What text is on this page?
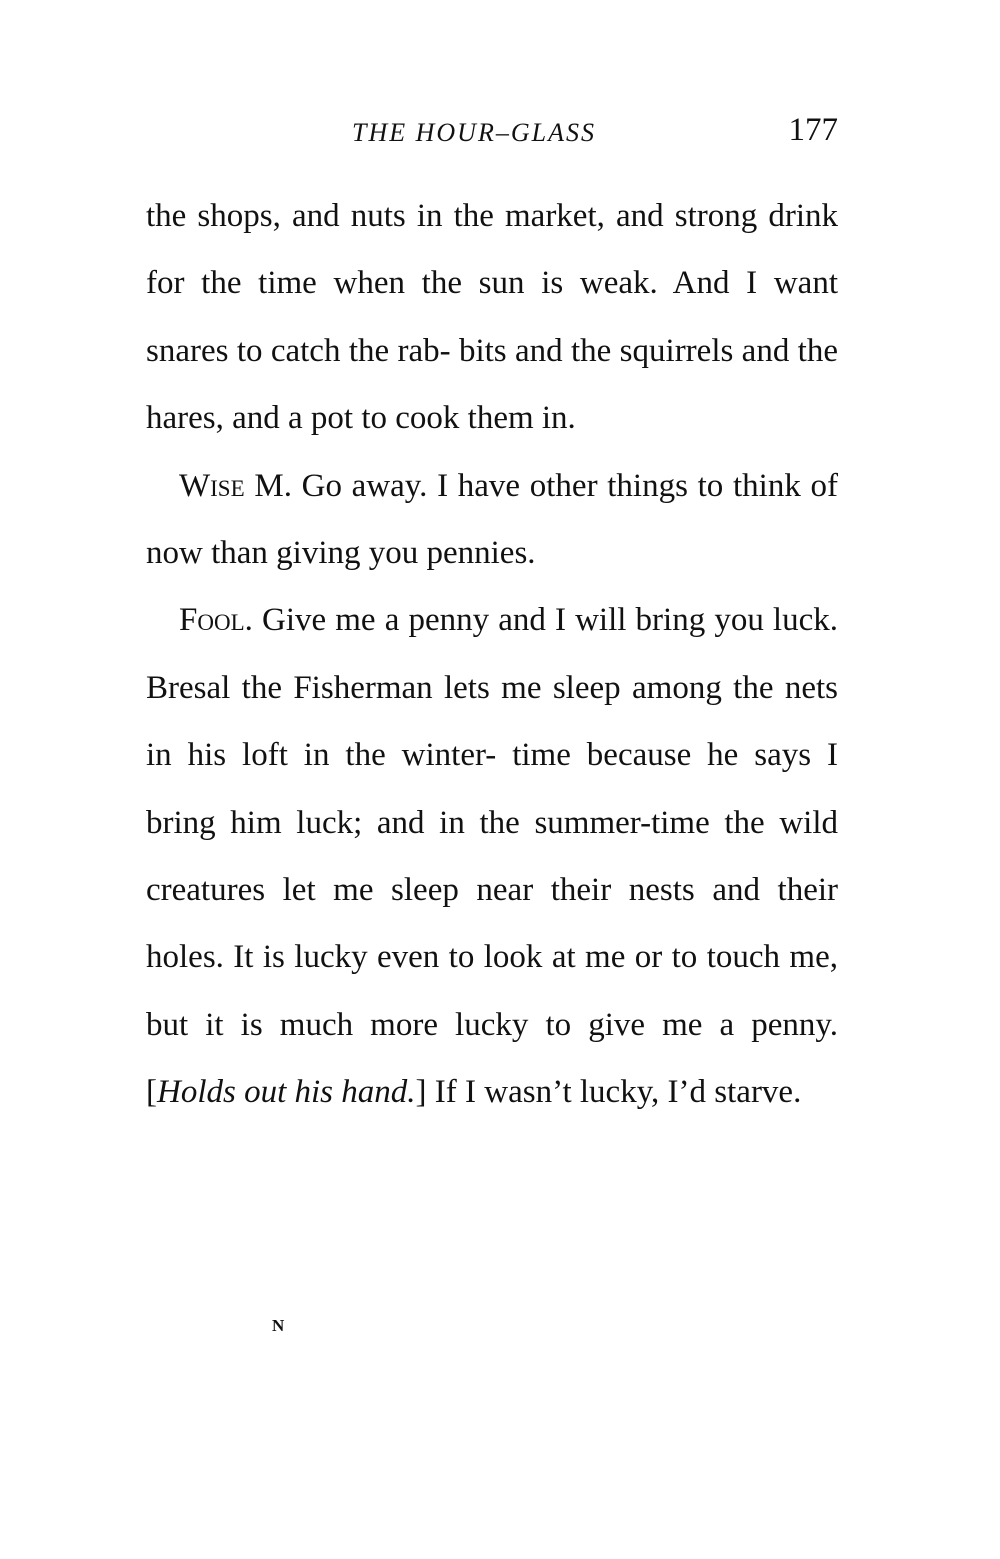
THE HOUR–GLASS	177

the shops, and nuts in the market, and strong drink for the time when the sun is weak. And I want snares to catch the rab- bits and the squirrels and the hares, and a pot to cook them in.

Wise M. Go away. I have other things to think of now than giving you pennies.

Fool. Give me a penny and I will bring you luck. Bresal the Fisherman lets me sleep among the nets in his loft in the winter- time because he says I bring him luck; and in the summer-time the wild creatures let me sleep near their nests and their holes. It is lucky even to look at me or to touch me, but it is much more lucky to give me a penny. [Holds out his hand.] If I wasn’t lucky, I’d starve.

N
